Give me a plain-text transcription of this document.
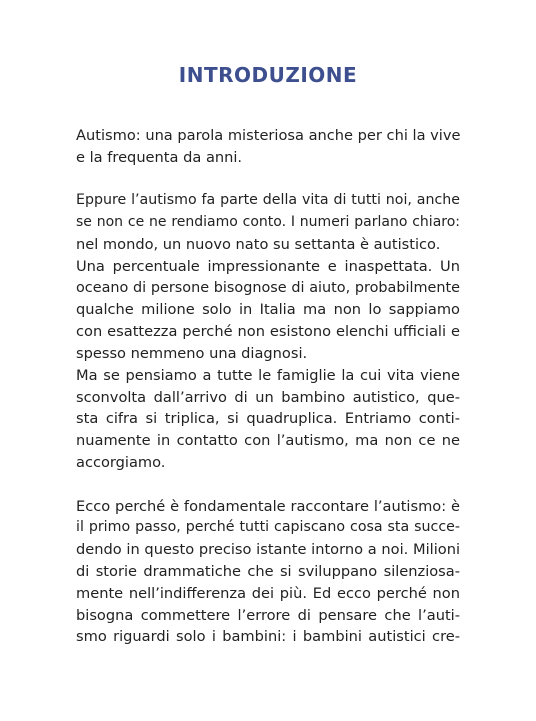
INTRODUZIONE
Autismo: una parola misteriosa anche per chi la vive
e la frequenta da anni.
Eppure l’autismo fa parte della vita di tutti noi, anche
se non ce ne rendiamo conto. I numeri parlano chiaro:
nel mondo, un nuovo nato su settanta è autistico.
Una percentuale impressionante e inaspettata. Un
oceano di persone bisognose di aiuto, probabilmente
qualche milione solo in Italia ma non lo sappiamo
con esattezza perché non esistono elenchi ufficiali e
spesso nemmeno una diagnosi.
Ma se pensiamo a tutte le famiglie la cui vita viene
sconvolta dall’arrivo di un bambino autistico, que-
sta cifra si triplica, si quadruplica. Entriamo conti-
nuamente in contatto con l’autismo, ma non ce ne
accorgiamo.
Ecco perché è fondamentale raccontare l’autismo: è
il primo passo, perché tutti capiscano cosa sta succe-
dendo in questo preciso istante intorno a noi. Milioni
di storie drammatiche che si sviluppano silenziosa-
mente nell’indifferenza dei più. Ed ecco perché non
bisogna commettere l’errore di pensare che l’auti-
smo riguardi solo i bambini: i bambini autistici cre-
